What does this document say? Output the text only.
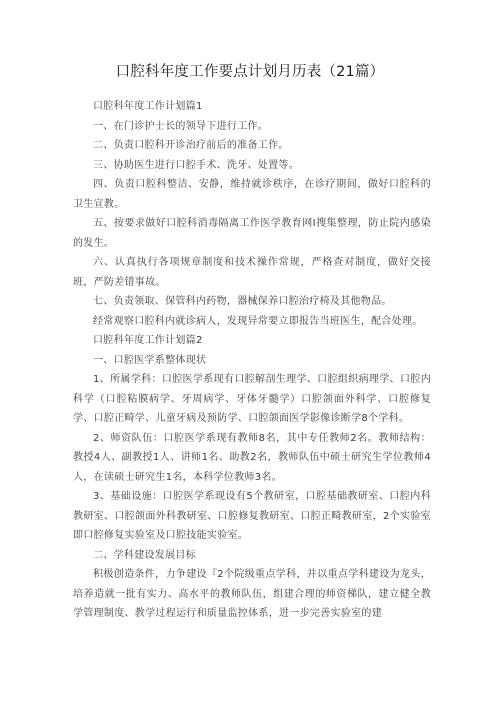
口腔科年度工作要点计划月历表（21篇）

口腔科年度工作计划篇1

一、在门诊护士长的领导下进行工作。

二、负责口腔科开诊治疗前后的准备工作。

三、协助医生进行口腔手术、洗牙、处置等。

四、负责口腔科整洁、安静，维持就诊秩序，在诊疗期间，做好口腔科的卫生宣教。

五、按要求做好口腔科消毒隔离工作医学教育网I搜集整理，防止院内感染的发生。

六、认真执行各项规章制度和技术操作常规，严格查对制度，做好交接班，严防差错事故。

七、负责领取、保管科内药物，器械保养口腔治疗椅及其他物品。

经常观察口腔科内就诊病人，发现异常要立即报告当班医生，配合处理。

口腔科年度工作计划篇2

一、口腔医学系整体现状

1、所属学科：口腔医学系现有口腔解剖生理学、口腔组织病理学、口腔内科学（口腔粘膜病学、牙周病学、牙体牙髓学）口腔颌面外科学、口腔修复学、口腔正畸学、儿童牙病及预防学、口腔颌面医学影像诊断学8个学科。

2、师资队伍：口腔医学系现有教师8名，其中专任教师2名。教师结构：教授4人、副教授1人、讲师1名、助教2名，教师队伍中硕士研究生学位教师4人，在读硕士研究生1名，本科学位教师3名。

3、基础设施：口腔医学系现设有5个教研室，口腔基础教研室、口腔内科教研室、口腔颌面外科教研室、口腔修复教研室、口腔正畸教研室，2个实验室即口腔修复实验室及口腔技能实验室。

二、学科建设发展目标

积极创造条件，力争建设『2个院级重点学科，并以重点学科建设为龙头，培养造就一批有实力、高水平的教师队伍，组建合理的师资梯队，建立健全教学管理制度、教学过程运行和质量监控体系，进一步完善实验室的建
